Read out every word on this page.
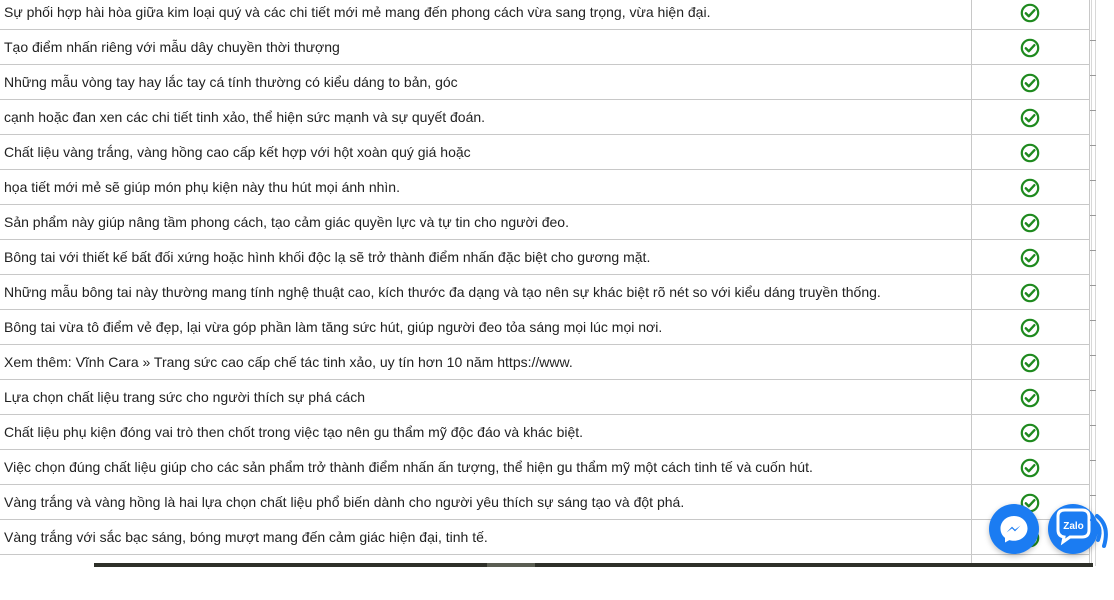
Sự phối hợp hài hòa giữa kim loại quý và các chi tiết mới mẻ mang đến phong cách vừa sang trọng, vừa hiện đại.	
Tạo điểm nhấn riêng với mẫu dây chuyền thời thượng	
Những mẫu vòng tay hay lắc tay cá tính thường có kiểu dáng to bản, góc	
cạnh hoặc đan xen các chi tiết tinh xảo, thể hiện sức mạnh và sự quyết đoán.	
Chất liệu vàng trắng, vàng hồng cao cấp kết hợp với hột xoàn quý giá hoặc	
họa tiết mới mẻ sẽ giúp món phụ kiện này thu hút mọi ánh nhìn.	
Sản phẩm này giúp nâng tầm phong cách, tạo cảm giác quyền lực và tự tin cho người đeo.	
Bông tai với thiết kế bất đối xứng hoặc hình khối độc lạ sẽ trở thành điểm nhấn đặc biệt cho gương mặt.	
Những mẫu bông tai này thường mang tính nghệ thuật cao, kích thước đa dạng và tạo nên sự khác biệt rõ nét so với kiểu dáng truyền thống.	
Bông tai vừa tô điểm vẻ đẹp, lại vừa góp phần làm tăng sức hút, giúp người đeo tỏa sáng mọi lúc mọi nơi.	
Xem thêm: Vĩnh Cara » Trang sức cao cấp chế tác tinh xảo, uy tín hơn 10 năm https://www.	
Lựa chọn chất liệu trang sức cho người thích sự phá cách	
Chất liệu phụ kiện đóng vai trò then chốt trong việc tạo nên gu thẩm mỹ độc đáo và khác biệt.	
Việc chọn đúng chất liệu giúp cho các sản phẩm trở thành điểm nhấn ấn tượng, thể hiện gu thẩm mỹ một cách tinh tế và cuốn hút.	
Vàng trắng và vàng hồng là hai lựa chọn chất liệu phổ biến dành cho người yêu thích sự sáng tạo và đột phá.	
Vàng trắng với sắc bạc sáng, bóng mượt mang đến cảm giác hiện đại, tinh tế.	

Zalo
